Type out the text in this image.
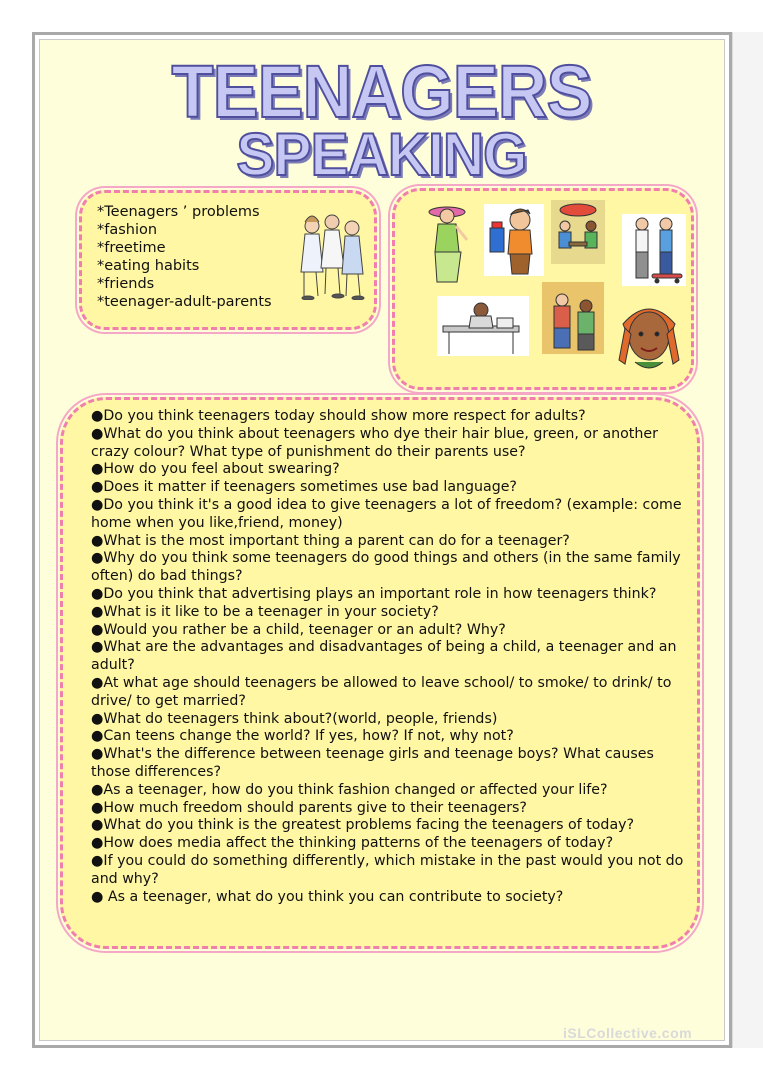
TEENAGERS
SPEAKING
*Teenagers ’ problems
*fashion
*freetime
*eating habits
*friends
*teenager-adult-parents
●Do you think teenagers today should show more respect for adults?
●What do you think about teenagers who dye their hair blue, green, or another crazy colour? What type of punishment do their parents use?
●How do you feel about swearing?
●Does it matter if teenagers sometimes use bad language?
●Do you think it's a good idea to give teenagers a lot of freedom? (example: come home when you like,friend, money)
●What is the most important thing a parent can do for a teenager?
●Why do you think some teenagers do good things and others (in the same family often) do bad things?
●Do you think that advertising plays an important role in how teenagers think?
●What is it like to be a teenager in your society?
●Would you rather be a child, teenager or an adult? Why?
●What are the advantages and disadvantages of being a child, a teenager and an adult?
●At what age should teenagers be allowed to leave school/ to smoke/ to drink/ to drive/ to get married?
●What do teenagers think about?(world, people, friends)
●Can teens change the world? If yes, how? If not, why not?
●What's the difference between teenage girls and teenage boys? What causes those differences?
●As a teenager, how do you think fashion changed or affected your life?
●How much freedom should parents give to their teenagers?
●What do you think is the greatest problems facing the teenagers of today?
●How does media affect the thinking patterns of the teenagers of today?
●If you could do something differently, which mistake in the past would you not do and why?
● As a teenager, what do you think you can contribute to society?
iSLCollective.com
